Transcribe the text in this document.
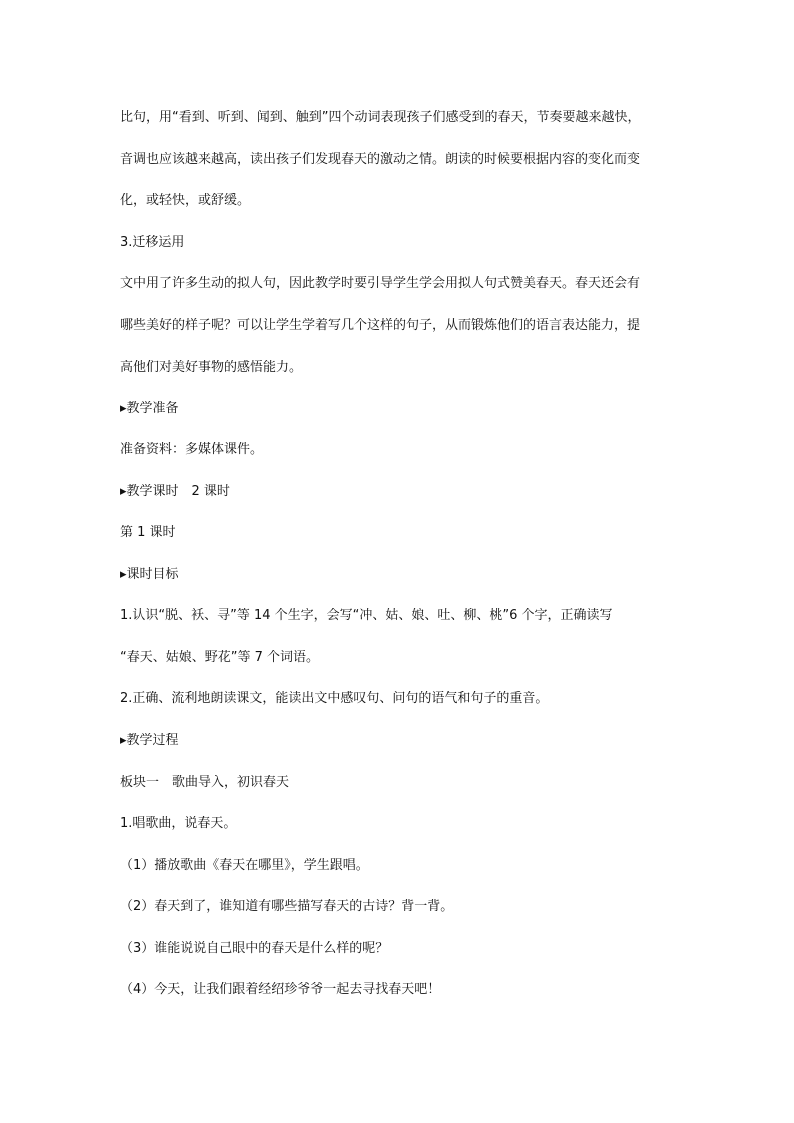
比句，用“看到、听到、闻到、触到”四个动词表现孩子们感受到的春天，节奏要越来越快，
音调也应该越来越高，读出孩子们发现春天的激动之情。朗读的时候要根据内容的变化而变
化，或轻快，或舒缓。
3.迁移运用
文中用了许多生动的拟人句，因此教学时要引导学生学会用拟人句式赞美春天。春天还会有
哪些美好的样子呢？可以让学生学着写几个这样的句子，从而锻炼他们的语言表达能力，提
高他们对美好事物的感悟能力。
▸教学准备
准备资料：多媒体课件。
▸教学课时　2 课时
第 1 课时
▸课时目标
1.认识“脱、袄、寻”等 14 个生字，会写“冲、姑、娘、吐、柳、桃”6 个字，正确读写
“春天、姑娘、野花”等 7 个词语。
2.正确、流利地朗读课文，能读出文中感叹句、问句的语气和句子的重音。
▸教学过程
板块一　歌曲导入，初识春天
1.唱歌曲，说春天。
（1）播放歌曲《春天在哪里》，学生跟唱。
（2）春天到了，谁知道有哪些描写春天的古诗？背一背。
（3）谁能说说自己眼中的春天是什么样的呢？
（4）今天，让我们跟着经绍珍爷爷一起去寻找春天吧！
